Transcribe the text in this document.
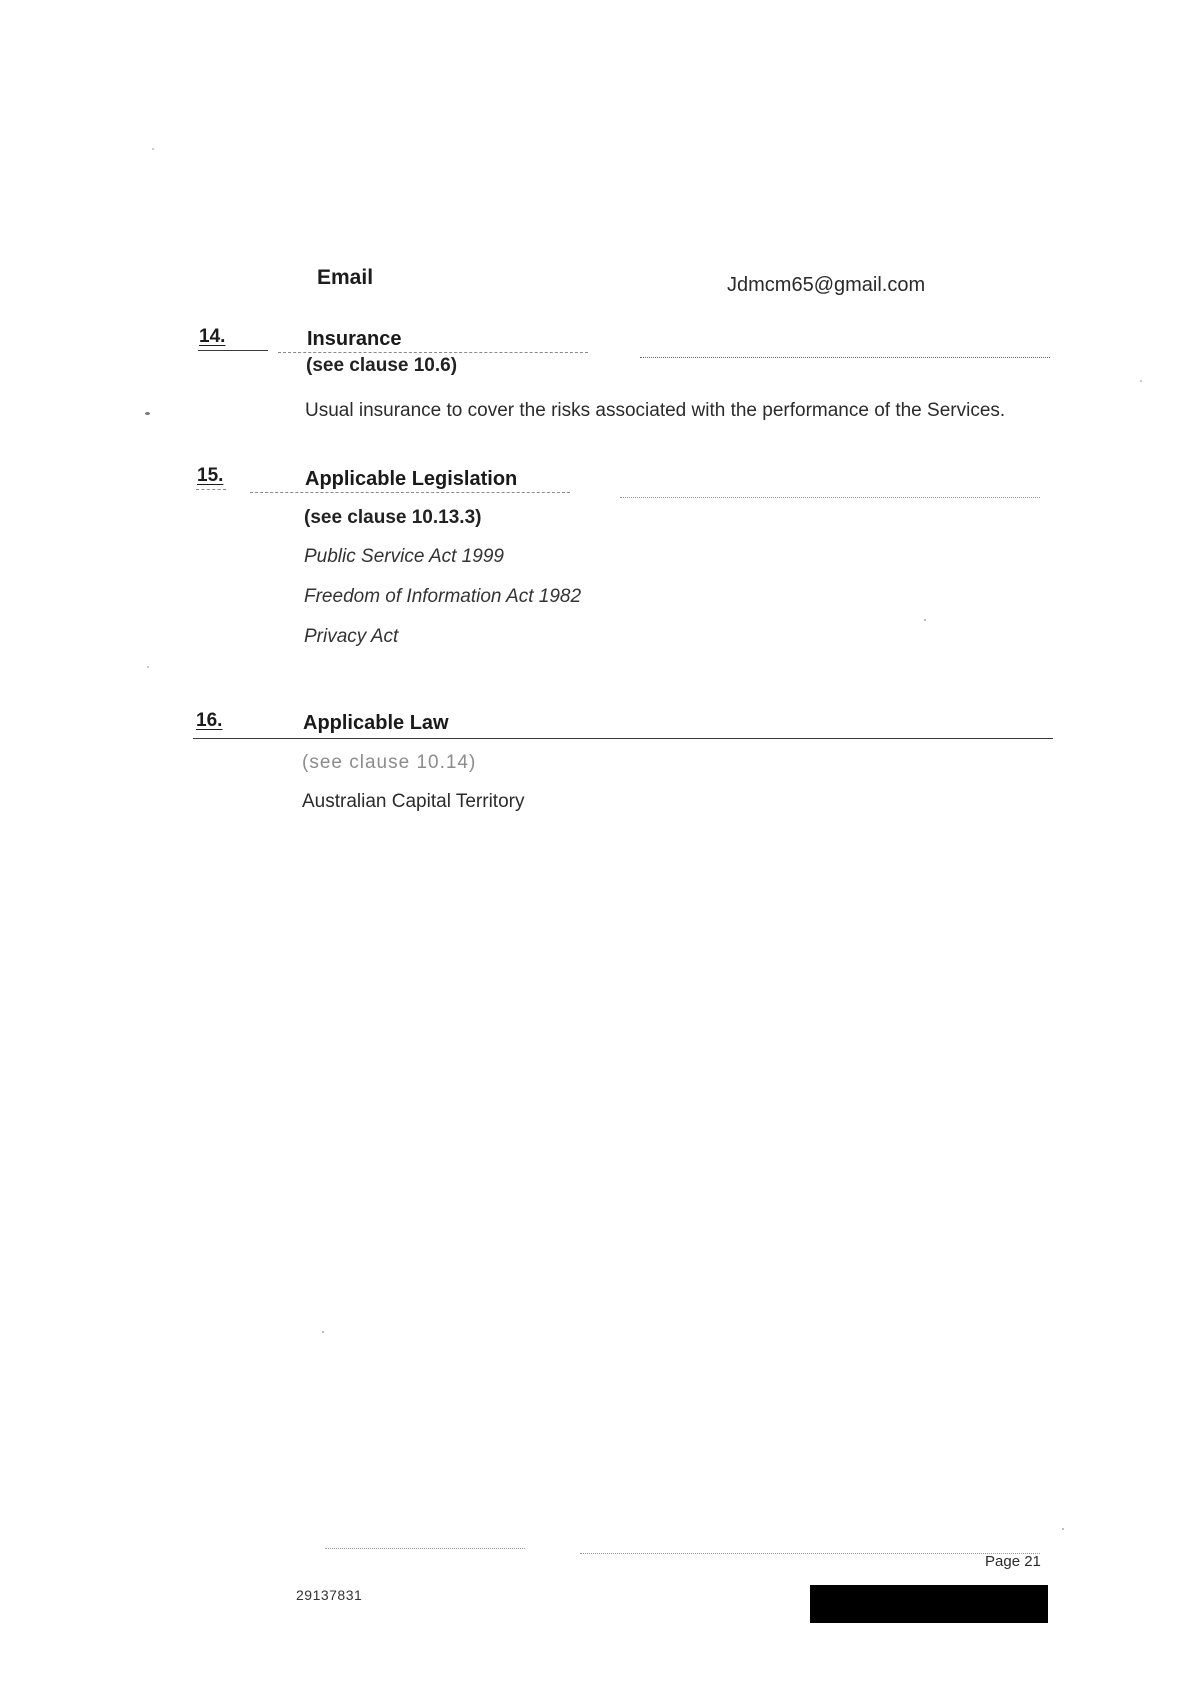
Email	Jdmcm65@gmail.com
14.	Insurance
(see clause 10.6)
Usual insurance to cover the risks associated with the performance of the Services.
15.	Applicable Legislation
(see clause 10.13.3)
Public Service Act 1999
Freedom of Information Act 1982
Privacy Act
16.	Applicable Law
(see clause 10.14)
Australian Capital Territory
Page 21
29137831
